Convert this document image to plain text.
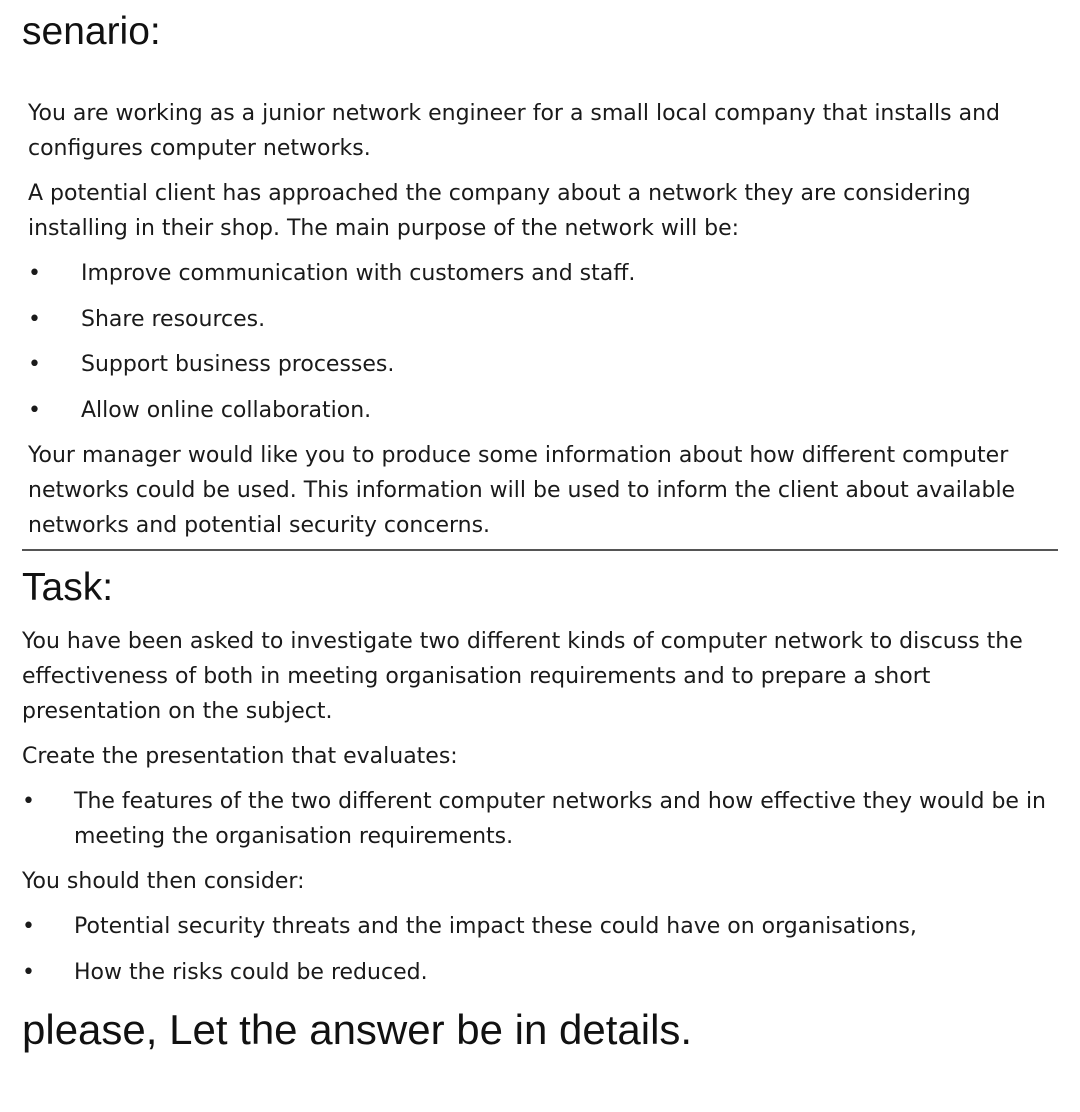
senario:

You are working as a junior network engineer for a small local company that installs and configures computer networks.

A potential client has approached the company about a network they are considering installing in their shop. The main purpose of the network will be:

• Improve communication with customers and staff.
• Share resources.
• Support business processes.
• Allow online collaboration.

Your manager would like you to produce some information about how different computer networks could be used. This information will be used to inform the client about available networks and potential security concerns.

Task:

You have been asked to investigate two different kinds of computer network to discuss the effectiveness of both in meeting organisation requirements and to prepare a short presentation on the subject.

Create the presentation that evaluates:

• The features of the two different computer networks and how effective they would be in meeting the organisation requirements.

You should then consider:

• Potential security threats and the impact these could have on organisations,
• How the risks could be reduced.

please, Let the answer be in details.
